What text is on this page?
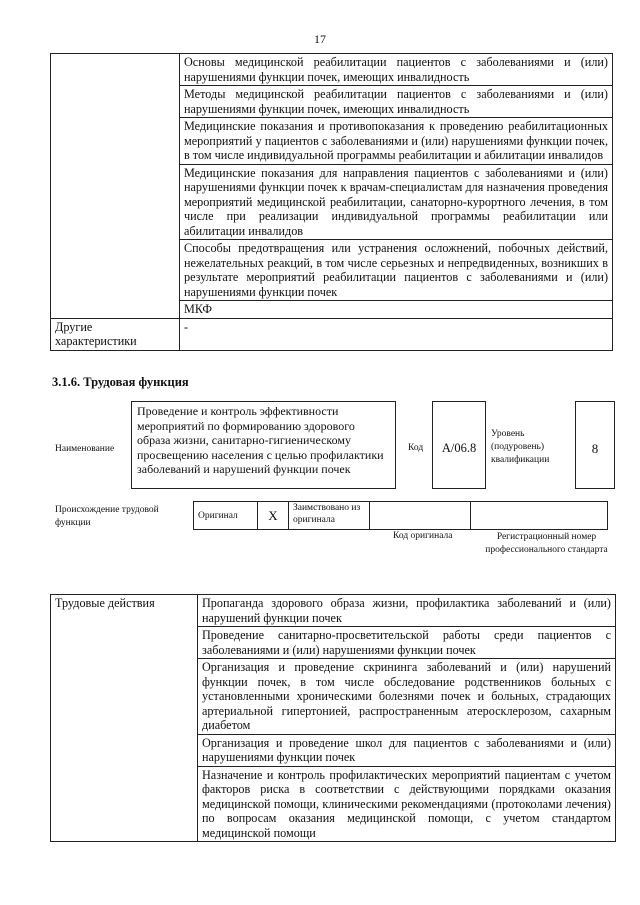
17
	Основы медицинской реабилитации пациентов с заболеваниями и (или) нарушениями функции почек, имеющих инвалидность
	Методы медицинской реабилитации пациентов с заболеваниями и (или) нарушениями функции почек, имеющих инвалидность
	Медицинские показания и противопоказания к проведению реабилитационных мероприятий у пациентов с заболеваниями и (или) нарушениями функции почек, в том числе индивидуальной программы реабилитации и абилитации инвалидов
	Медицинские показания для направления пациентов с заболеваниями и (или) нарушениями функции почек к врачам-специалистам для назначения проведения мероприятий медицинской реабилитации, санаторно-курортного лечения, в том числе при реализации индивидуальной программы реабилитации или абилитации инвалидов
	Способы предотвращения или устранения осложнений, побочных действий, нежелательных реакций, в том числе серьезных и непредвиденных, возникших в результате мероприятий реабилитации пациентов с заболеваниями и (или) нарушениями функции почек
	МКФ
Другие характеристики	-
3.1.6. Трудовая функция
Наименование
Проведение и контроль эффективности мероприятий по формированию здорового образа жизни, санитарно-гигиеническому просвещению населения с целью профилактики заболеваний и нарушений функции почек
Код	А/06.8
Уровень (подуровень) квалификации
8
Происхождение трудовой функции
Оригинал	X	Заимствовано из оригинала		
Код оригинала	Регистрационный номер профессионального стандарта
Трудовые действия	Пропаганда здорового образа жизни, профилактика заболеваний и (или) нарушений функции почек
Проведение санитарно-просветительской работы среди пациентов с заболеваниями и (или) нарушениями функции почек
Организация и проведение скрининга заболеваний и (или) нарушений функции почек, в том числе обследование родственников больных с установленными хроническими болезнями почек и больных, страдающих артериальной гипертонией, распространенным атеросклерозом, сахарным диабетом
Организация и проведение школ для пациентов с заболеваниями и (или) нарушениями функции почек
Назначение и контроль профилактических мероприятий пациентам с учетом факторов риска в соответствии с действующими порядками оказания медицинской помощи, клиническими рекомендациями (протоколами лечения) по вопросам оказания медицинской помощи, с учетом стандартом медицинской помощи
